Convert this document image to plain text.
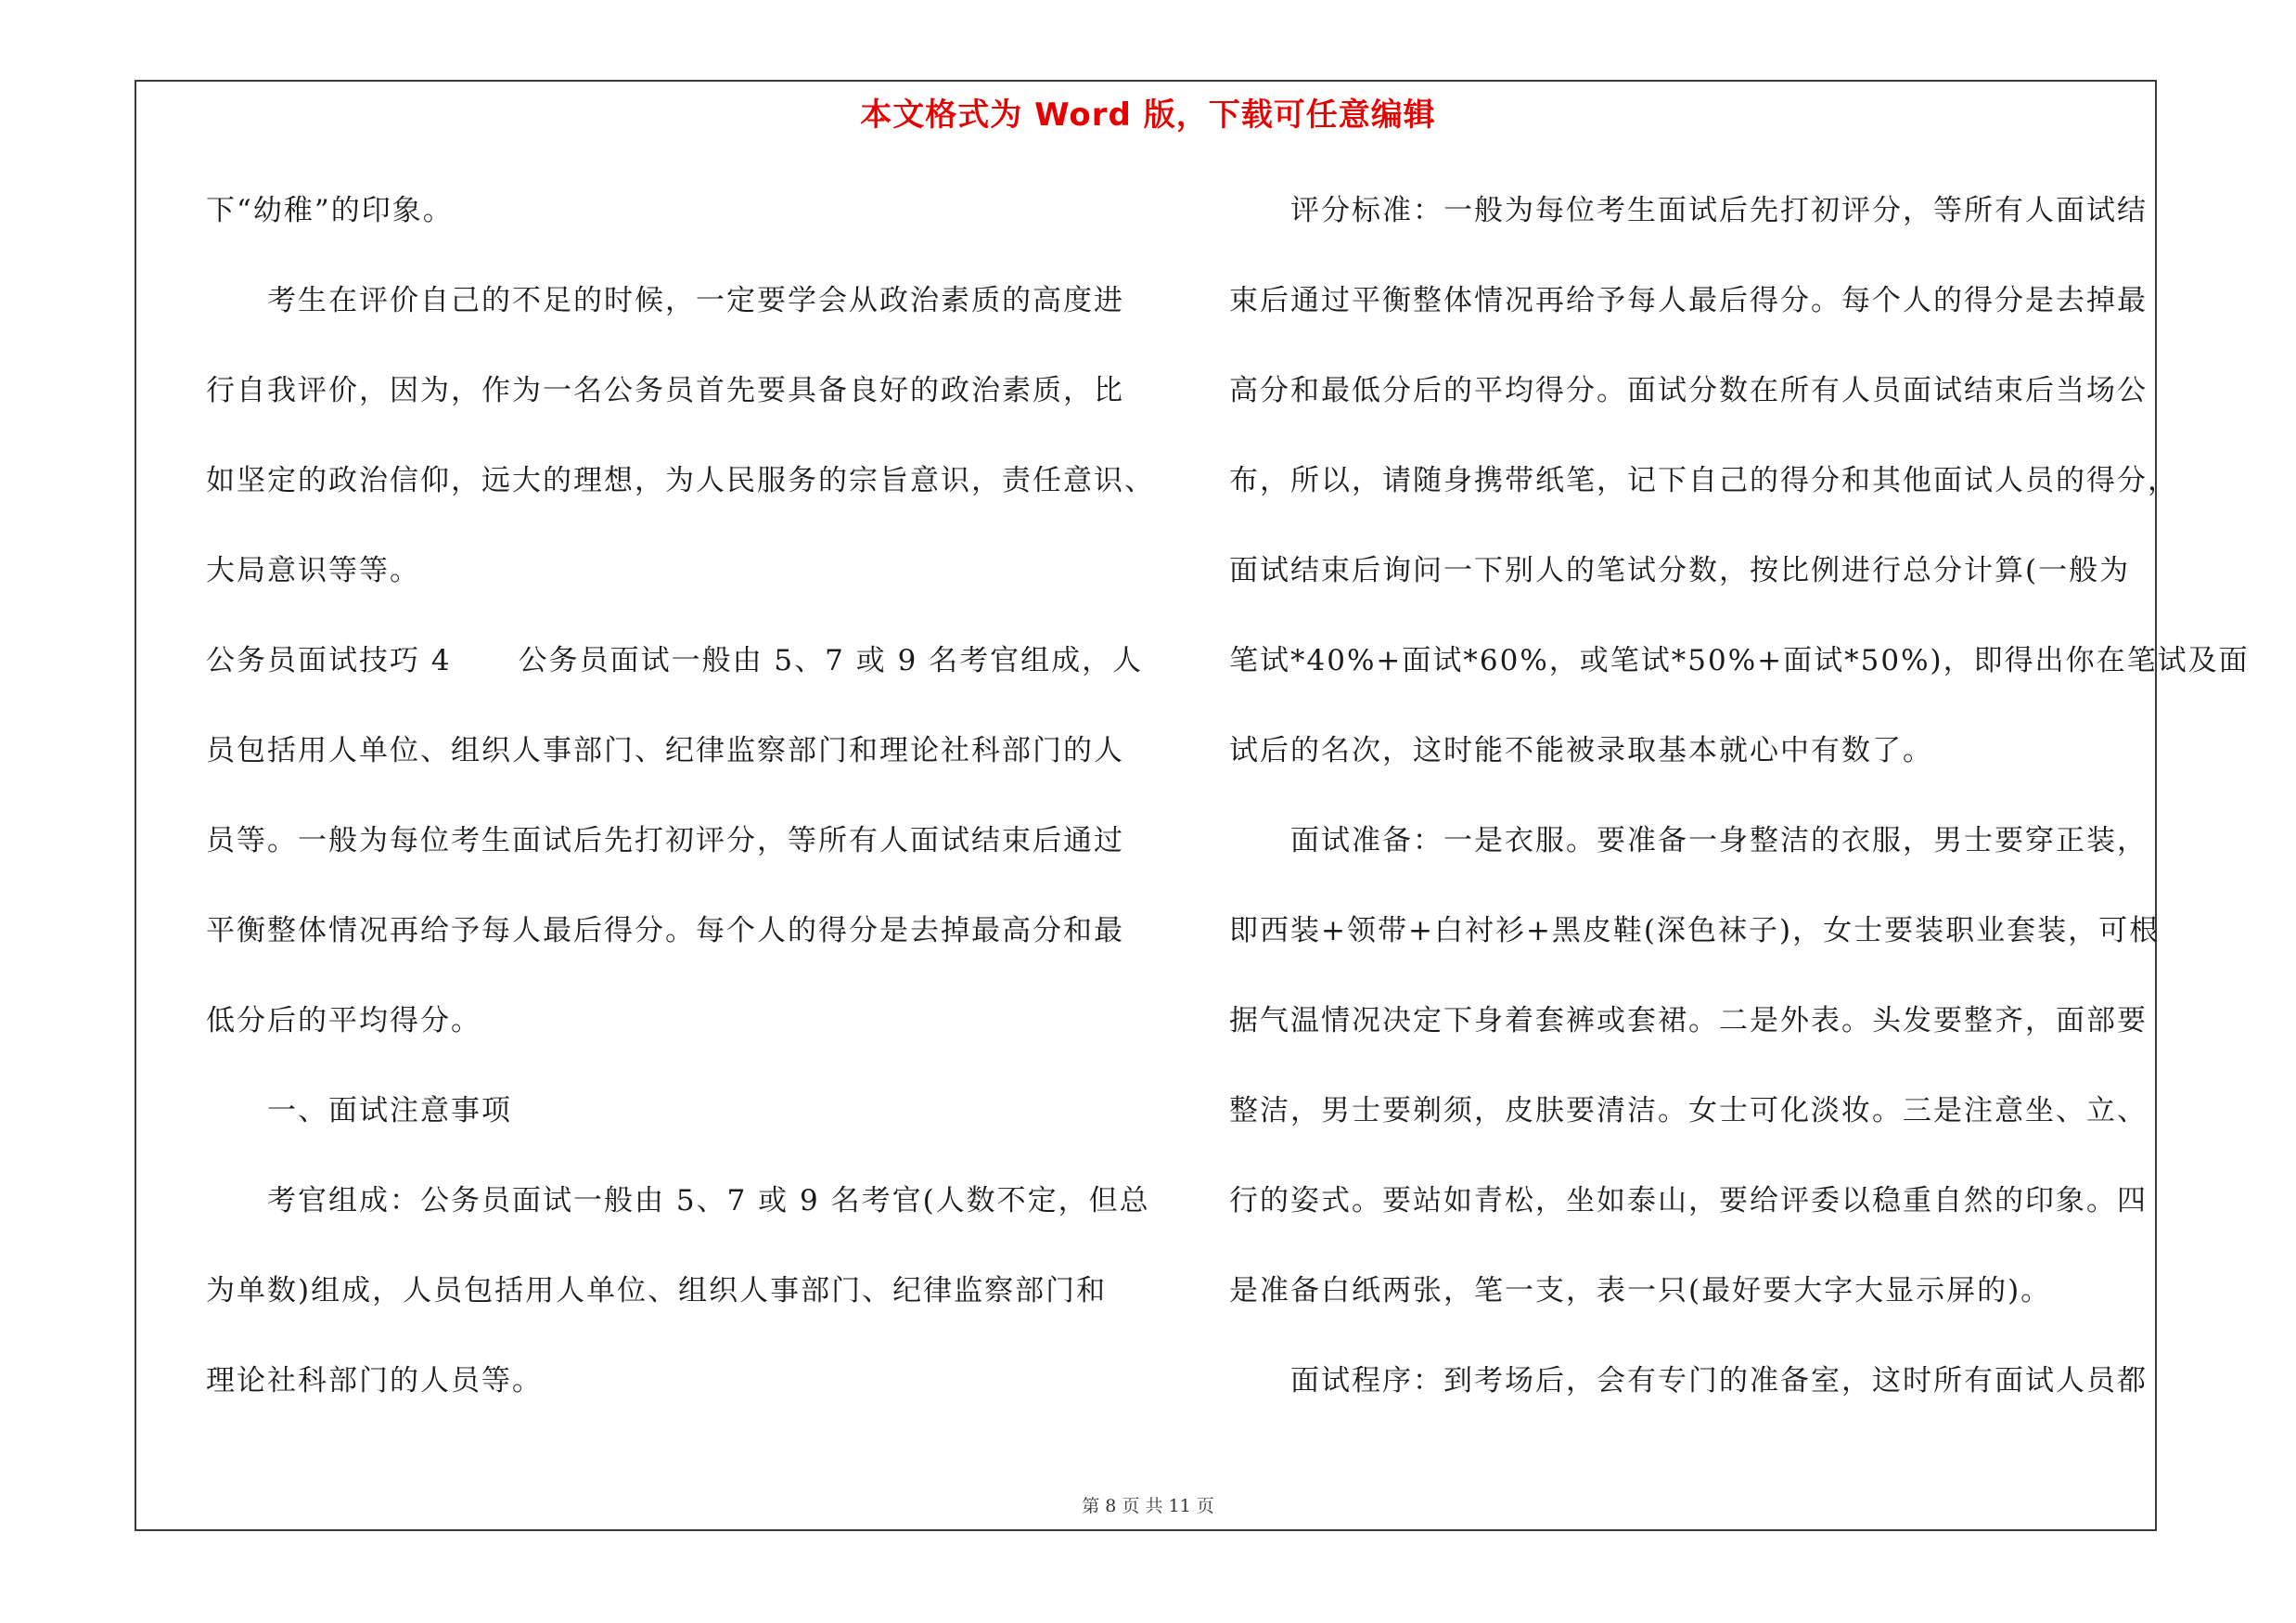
本文格式为 Word 版，下载可任意编辑
下“幼稚”的印象。
考生在评价自己的不足的时候，一定要学会从政治素质的高度进
行自我评价，因为，作为一名公务员首先要具备良好的政治素质，比
如坚定的政治信仰，远大的理想，为人民服务的宗旨意识，责任意识、
大局意识等等。
公务员面试技巧 4 公务员面试一般由 5、7 或 9 名考官组成，人
员包括用人单位、组织人事部门、纪律监察部门和理论社科部门的人
员等。一般为每位考生面试后先打初评分，等所有人面试结束后通过
平衡整体情况再给予每人最后得分。每个人的得分是去掉最高分和最
低分后的平均得分。
一、面试注意事项
考官组成：公务员面试一般由 5、7 或 9 名考官(人数不定，但总
为单数)组成，人员包括用人单位、组织人事部门、纪律监察部门和
理论社科部门的人员等。
评分标准：一般为每位考生面试后先打初评分，等所有人面试结
束后通过平衡整体情况再给予每人最后得分。每个人的得分是去掉最
高分和最低分后的平均得分。面试分数在所有人员面试结束后当场公
布，所以，请随身携带纸笔，记下自己的得分和其他面试人员的得分，
面试结束后询问一下别人的笔试分数，按比例进行总分计算(一般为
笔试*40%+面试*60%，或笔试*50%+面试*50%)，即得出你在笔试及面
试后的名次，这时能不能被录取基本就心中有数了。
面试准备：一是衣服。要准备一身整洁的衣服，男士要穿正装，
即西装+领带+白衬衫+黑皮鞋(深色袜子)，女士要装职业套装，可根
据气温情况决定下身着套裤或套裙。二是外表。头发要整齐，面部要
整洁，男士要剃须，皮肤要清洁。女士可化淡妆。三是注意坐、立、
行的姿式。要站如青松，坐如泰山，要给评委以稳重自然的印象。四
是准备白纸两张，笔一支，表一只(最好要大字大显示屏的)。
面试程序：到考场后，会有专门的准备室，这时所有面试人员都
第 8 页 共 11 页
